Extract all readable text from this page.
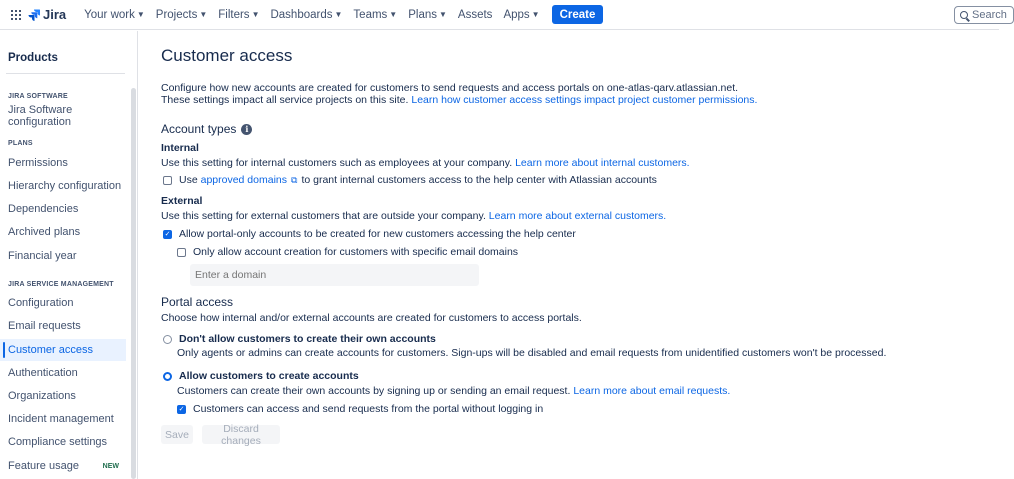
Jira Your work ▼ Projects ▼ Filters ▼ Dashboards ▼ Teams ▼ Plans ▼ Assets Apps ▼	Create	Search
Products
JIRA SOFTWARE
Jira Software configuration
PLANS
Permissions
Hierarchy configuration
Dependencies
Archived plans
Financial year
JIRA SERVICE MANAGEMENT
Configuration
Email requests
Customer access
Authentication
Organizations
Incident management
Compliance settings
Feature usage	NEW
Customer access
Configure how new accounts are created for customers to send requests and access portals on one-atlas-qarv.atlassian.net.
These settings impact all service projects on this site. Learn how customer access settings impact project customer permissions.
Account types	i
Internal
Use this setting for internal customers such as employees at your company. Learn more about internal customers.
Use
approved domains ⧉ to grant internal customers access to the help center with Atlassian accounts
External
Use this setting for external customers that are outside your company. Learn more about external customers.
✓ Allow portal-only accounts to be created for new customers accessing the help center
Only allow account creation for customers with specific email domains
Enter a domain
Portal access
Choose how internal and/or external accounts are created for customers to access portals.
Don't allow customers to create their own accounts
Only agents or admins can create accounts for customers. Sign-ups will be disabled and email requests from unidentified customers won't be processed.
Allow customers to create accounts
Customers can create their own accounts by signing up or sending an email request. Learn more about email requests.
✓ Customers can access and send requests from the portal without logging in
Save	Discard changes
